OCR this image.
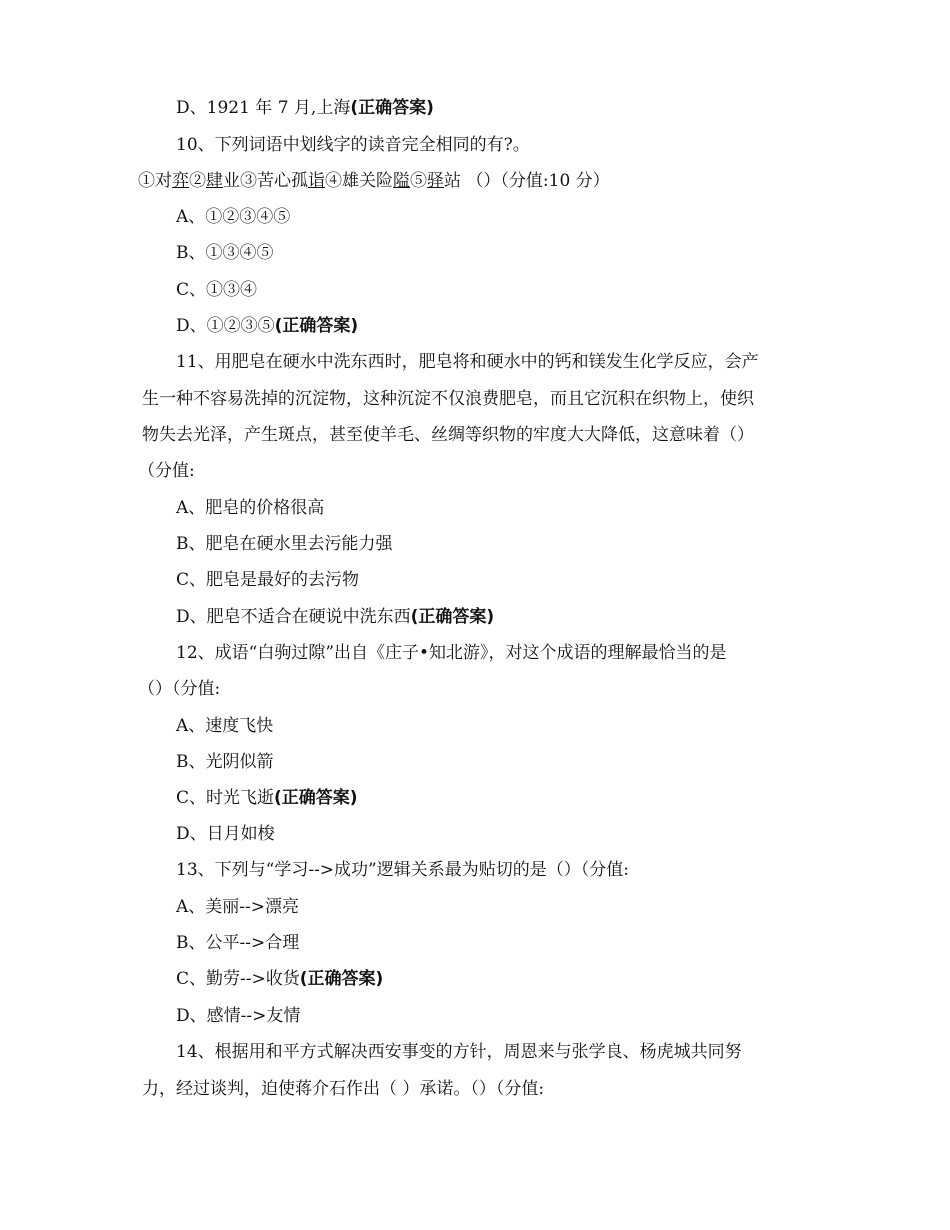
D、1921 年 7 月,上海(正确答案)
10、下列词语中划线字的读音完全相同的有?。
①对弈②肆业③苦心孤诣④雄关险隘⑤驿站 （）（分值:10 分）
A、①②③④⑤
B、①③④⑤
C、①③④
D、①②③⑤(正确答案)
11、用肥皂在硬水中洗东西时，肥皂将和硬水中的钙和镁发生化学反应，会产
生一种不容易洗掉的沉淀物，这种沉淀不仅浪费肥皂，而且它沉积在织物上，使织
物失去光泽，产生斑点，甚至使羊毛、丝绸等织物的牢度大大降低，这意味着（）
（分值:
A、肥皂的价格很高
B、肥皂在硬水里去污能力强
C、肥皂是最好的去污物
D、肥皂不适合在硬说中洗东西(正确答案)
12、成语“白驹过隙”出自《庄子•知北游》，对这个成语的理解最恰当的是
（）（分值:
A、速度飞快
B、光阴似箭
C、时光飞逝(正确答案)
D、日月如梭
13、下列与“学习-->成功”逻辑关系最为贴切的是（）（分值:
A、美丽-->漂亮
B、公平-->合理
C、勤劳-->收货(正确答案)
D、感情-->友情
14、根据用和平方式解决西安事变的方针，周恩来与张学良、杨虎城共同努
力，经过谈判，迫使蒋介石作出（ ）承诺。（）（分值:
